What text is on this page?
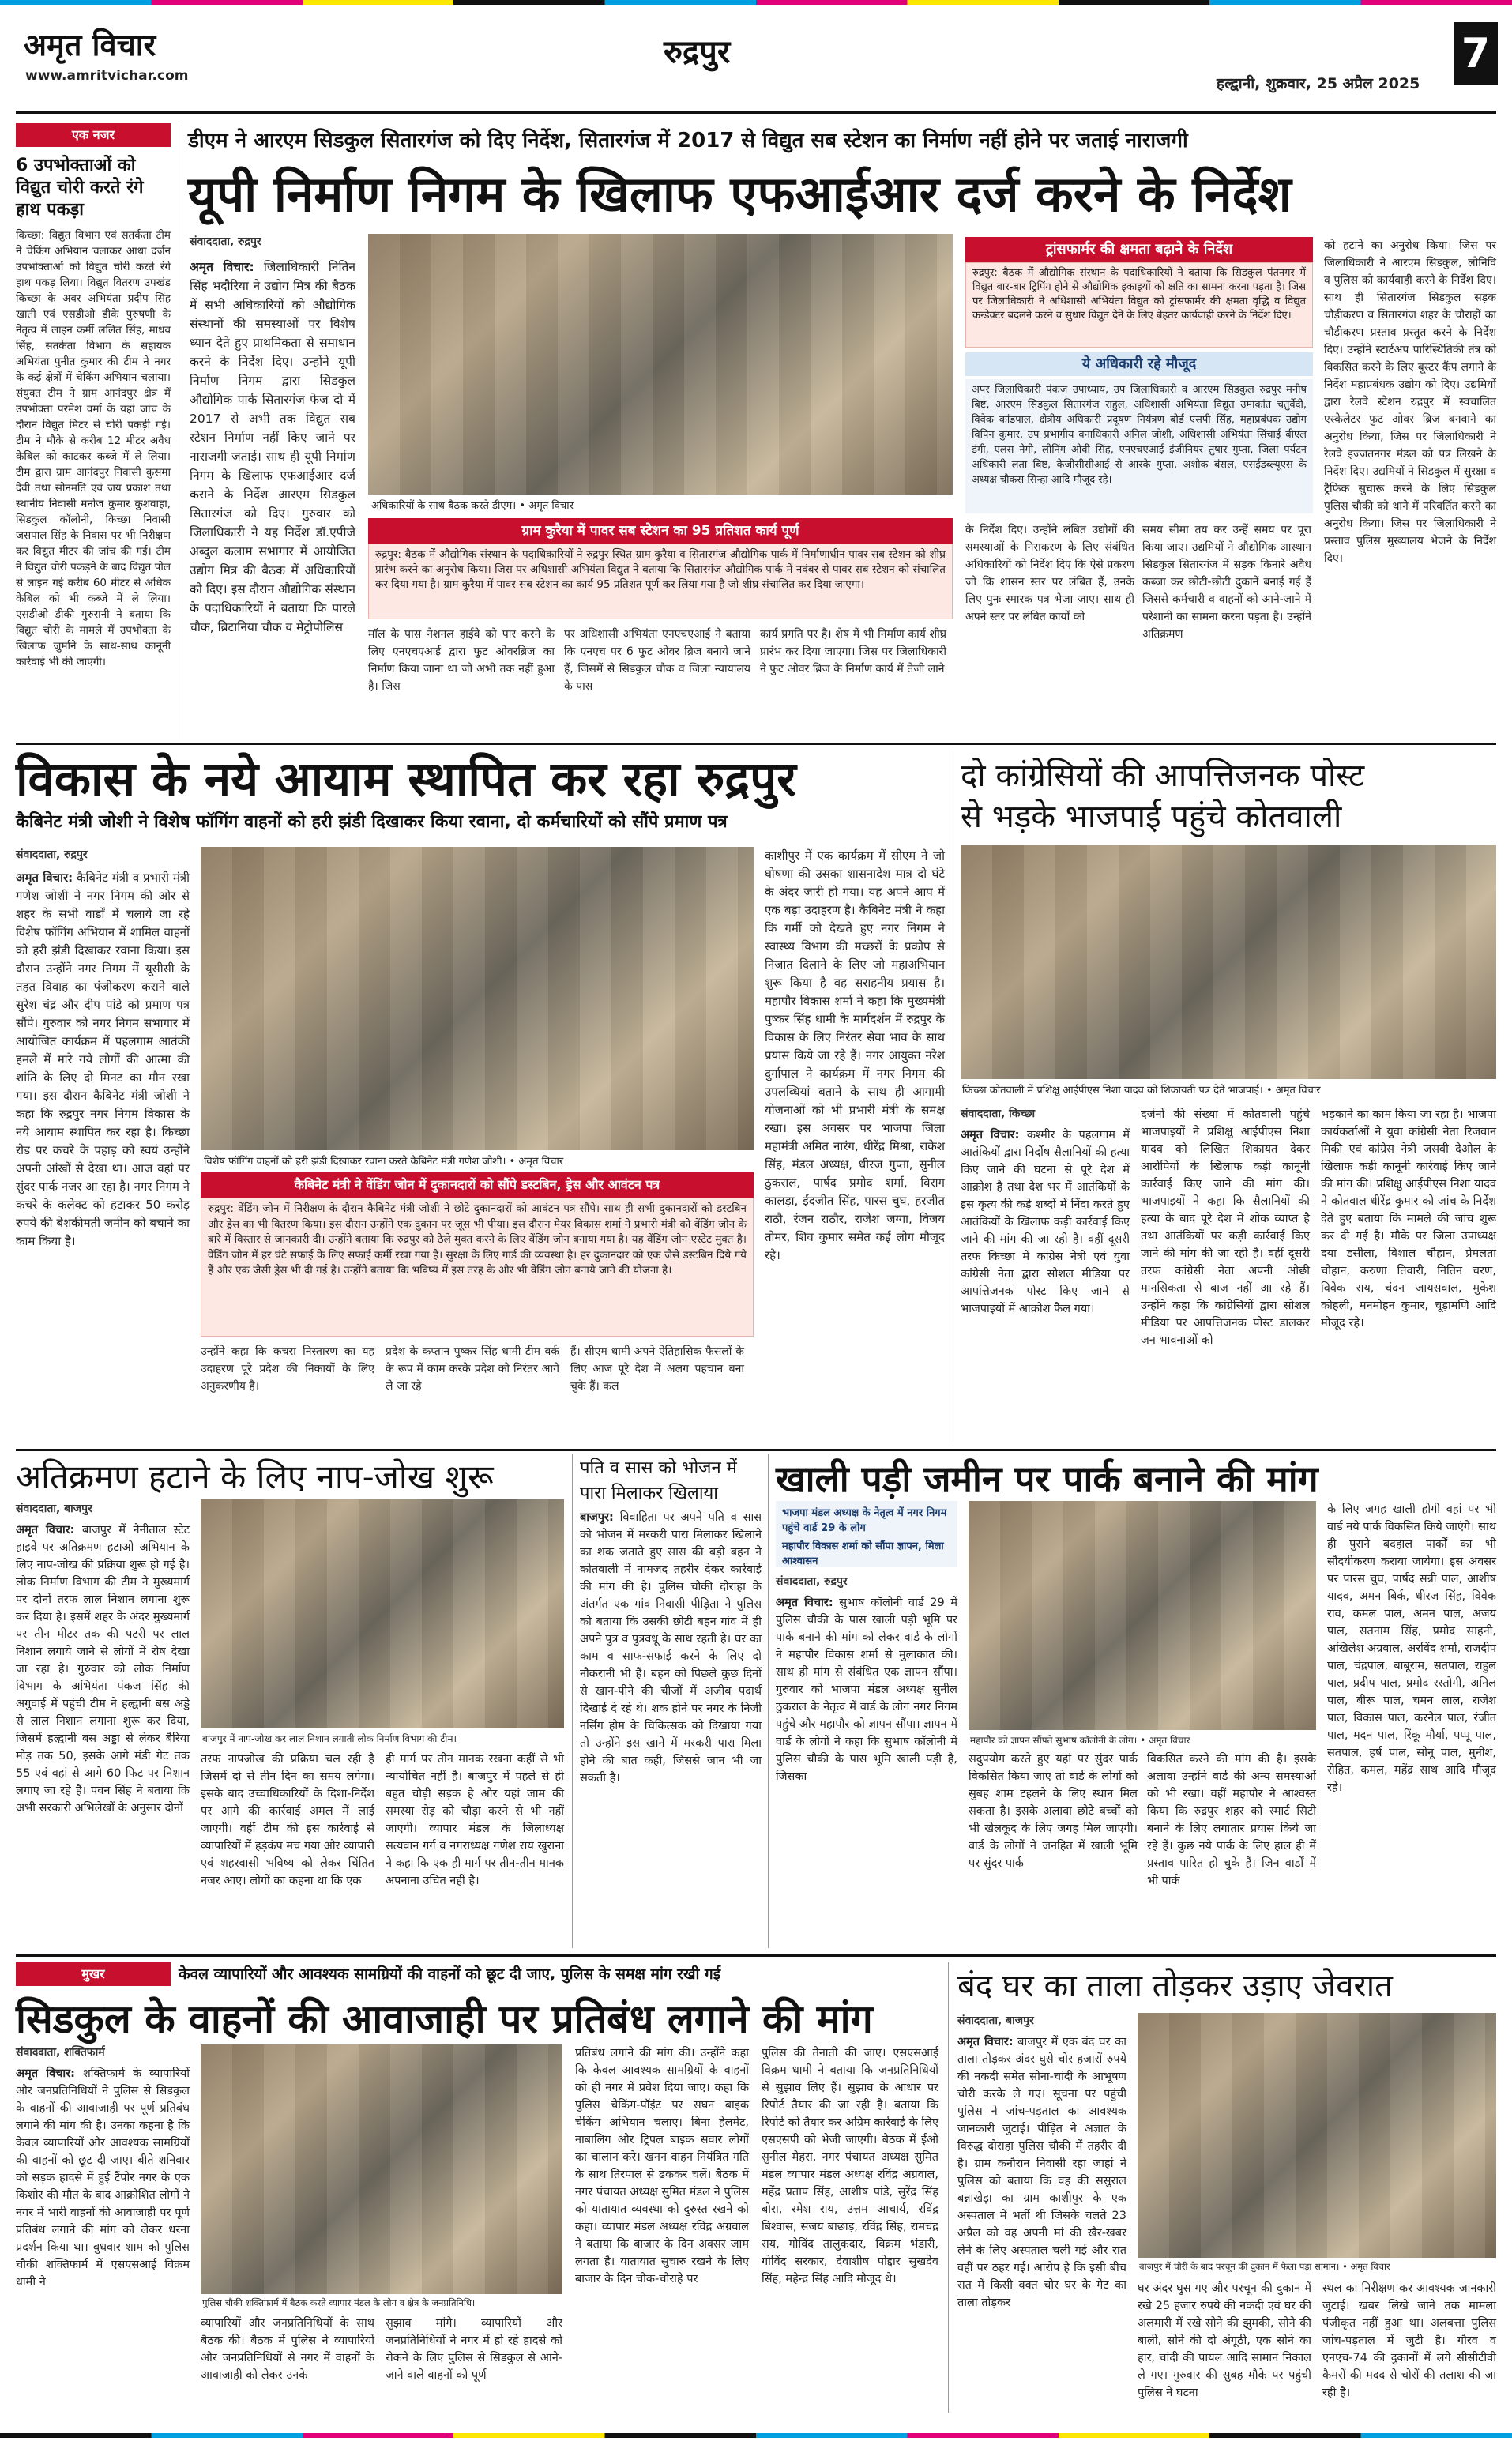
अमृत विचार
www.amritvichar.com
रुद्रपुर
हल्द्वानी, शुक्रवार, 25 अप्रैल 2025
7
एक नजर
6 उपभोक्ताओं को विद्युत चोरी करते रंगे हाथ पकड़ा
किच्छा: विद्युत विभाग एवं सतर्कता टीम ने चेकिंग अभियान चलाकर आधा दर्जन उपभोक्ताओं को विद्युत चोरी करते रंगे हाथ पकड़ लिया। विद्युत वितरण उपखंड किच्छा के अवर अभियंता प्रदीप सिंह खाती एवं एसडीओ डीके पुरुषणी के नेतृत्व में लाइन कर्मी ललित सिंह, माधव सिंह, सतर्कता विभाग के सहायक अभियंता पुनीत कुमार की टीम ने नगर के कई क्षेत्रों में चेकिंग अभियान चलाया। संयुक्त टीम ने ग्राम आनंदपुर क्षेत्र में उपभोक्ता परमेश वर्मा के यहां जांच के दौरान विद्युत मिटर से चोरी पकड़ी गई। टीम ने मौके से करीब 12 मीटर अवैध केबिल को काटकर कब्जे में ले लिया। टीम द्वारा ग्राम आनंदपुर निवासी कुसमा देवी तथा सोनमति एवं जय प्रकाश तथा स्थानीय निवासी मनोज कुमार कुशवाहा, सिडकुल कॉलोनी, किच्छा निवासी जसपाल सिंह के निवास पर भी निरीक्षण कर विद्युत मीटर की जांच की गई। टीम ने विद्युत चोरी पकड़ने के बाद विद्युत पोल से लाइन गई करीब 60 मीटर से अधिक केबिल को भी कब्जे में ले लिया। एसडीओ डीकी गुरुरानी ने बताया कि विद्युत चोरी के मामले में उपभोक्ता के खिलाफ जुर्माने के साथ-साथ कानूनी कार्रवाई भी की जाएगी।
डीएम ने आरएम सिडकुल सितारगंज को दिए निर्देश, सितारगंज में 2017 से विद्युत सब स्टेशन का निर्माण नहीं होने पर जताई नाराजगी
यूपी निर्माण निगम के खिलाफ एफआईआर दर्ज करने के निर्देश
संवाददाता, रुद्रपुर
अमृत विचार: जिलाधिकारी नितिन सिंह भदौरिया ने उद्योग मित्र की बैठक में सभी अधिकारियों को औद्योगिक संस्थानों की समस्याओं पर विशेष ध्यान देते हुए प्राथमिकता से समाधान करने के निर्देश दिए। उन्होंने यूपी निर्माण निगम द्वारा सिडकुल औद्योगिक पार्क सितारगंज फेज दो में 2017 से अभी तक विद्युत सब स्टेशन निर्माण नहीं किए जाने पर नाराजगी जताई। साथ ही यूपी निर्माण निगम के खिलाफ एफआईआर दर्ज कराने के निर्देश आरएम सिडकुल सितारगंज को दिए। गुरुवार को जिलाधिकारी ने यह निर्देश डॉ.एपीजे अब्दुल कलाम सभागार में आयोजित उद्योग मित्र की बैठक में अधिकारियों को दिए। इस दौरान औद्योगिक संस्थान के पदाधिकारियों ने बताया कि पारले चौक, ब्रिटानिया चौक व मेट्रोपोलिस
अधिकारियों के साथ बैठक करते डीएम। • अमृत विचार
ग्राम कुरैया में पावर सब स्टेशन का 95 प्रतिशत कार्य पूर्ण
रुद्रपुर: बैठक में औद्योगिक संस्थान के पदाधिकारियों ने रुद्रपुर स्थित ग्राम कुरैया व सितारगंज औद्योगिक पार्क में निर्माणाधीन पावर सब स्टेशन को शीघ्र प्रारंभ करने का अनुरोध किया। जिस पर अधिशासी अभियंता विद्युत ने बताया कि सितारगंज औद्योगिक पार्क में नवंबर से पावर सब स्टेशन को संचालित कर दिया गया है। ग्राम कुरैया में पावर सब स्टेशन का कार्य 95 प्रतिशत पूर्ण कर लिया गया है जो शीघ्र संचालित कर दिया जाएगा।
मॉल के पास नेशनल हाईवे को पार करने के लिए एनएचएआई द्वारा फुट ओवरब्रिज का निर्माण किया जाना था जो अभी तक नहीं हुआ है। जिस
पर अधिशासी अभियंता एनएचएआई ने बताया कि एनएच पर 6 फुट ओवर ब्रिज बनाये जाने हैं, जिसमें से सिडकुल चौक व जिला न्यायालय के पास
कार्य प्रगति पर है। शेष में भी निर्माण कार्य शीघ्र प्रारंभ कर दिया जाएगा। जिस पर जिलाधिकारी ने फुट ओवर ब्रिज के निर्माण कार्य में तेजी लाने
ट्रांसफार्मर की क्षमता बढ़ाने के निर्देश
रुद्रपुर: बैठक में औद्योगिक संस्थान के पदाधिकारियों ने बताया कि सिडकुल पंतनगर में विद्युत बार-बार ट्रिपिंग होने से औद्योगिक इकाइयों को क्षति का सामना करना पड़ता है। जिस पर जिलाधिकारी ने अधिशासी अभियंता विद्युत को ट्रांसफार्मर की क्षमता वृद्धि व विद्युत कन्डेक्टर बदलने करने व सुधार विद्युत देने के लिए बेहतर कार्यवाही करने के निर्देश दिए।
ये अधिकारी रहे मौजूद
अपर जिलाधिकारी पंकज उपाध्याय, उप जिलाधिकारी व आरएम सिडकुल रुद्रपुर मनीष बिष्ट, आरएम सिडकुल सितारगंज राहुल, अधिशासी अभियंता विद्युत उमाकांत चतुर्वेदी, विवेक कांडपाल, क्षेत्रीय अधिकारी प्रदूषण नियंत्रण बोर्ड एसपी सिंह, महाप्रबंधक उद्योग विपिन कुमार, उप प्रभागीय वनाधिकारी अनिल जोशी, अधिशासी अभियंता सिंचाई बीएल डंगी, एलस नेगी, लीनिंग ओवी सिंह, एनएचएआई इंजीनियर तुषार गुप्ता, जिला पर्यटन अधिकारी लता बिष्ट, केजीसीसीआई से आरके गुप्ता, अशोक बंसल, एसईडब्ल्यूएस के अध्यक्ष चौकस सिन्हा आदि मौजूद रहे।
के निर्देश दिए। उन्होंने लंबित उद्योगों की समस्याओं के निराकरण के लिए संबंधित अधिकारियों को निर्देश दिए कि ऐसे प्रकरण जो कि शासन स्तर पर लंबित हैं, उनके लिए पुनः स्मारक पत्र भेजा जाए। साथ ही अपने स्तर पर लंबित कार्यों को
समय सीमा तय कर उन्हें समय पर पूरा किया जाए। उद्यमियों ने औद्योगिक आस्थान सिडकुल सितारगंज में सड़क किनारे अवैध कब्जा कर छोटी-छोटी दुकानें बनाई गई हैं जिससे कर्मचारी व वाहनों को आने-जाने में परेशानी का सामना करना पड़ता है। उन्होंने अतिक्रमण
को हटाने का अनुरोध किया। जिस पर जिलाधिकारी ने आरएम सिडकुल, लोनिवि व पुलिस को कार्यवाही करने के निर्देश दिए। साथ ही सितारगंज सिडकुल सड़क चौड़ीकरण व सितारगंज शहर के चौराहों का चौड़ीकरण प्रस्ताव प्रस्तुत करने के निर्देश दिए। उन्होंने स्टार्टअप पारिस्थितिकी तंत्र को विकसित करने के लिए बूस्टर कैंप लगाने के निर्देश महाप्रबंधक उद्योग को दिए। उद्यमियों द्वारा रेलवे स्टेशन रुद्रपुर में स्वचालित एस्केलेटर फुट ओवर ब्रिज बनवाने का अनुरोध किया, जिस पर जिलाधिकारी ने रेलवे इज्जतनगर मंडल को पत्र लिखने के निर्देश दिए। उद्यमियों ने सिडकुल में सुरक्षा व ट्रैफिक सुचारू करने के लिए सिडकुल पुलिस चौकी को थाने में परिवर्तित करने का अनुरोध किया। जिस पर जिलाधिकारी ने प्रस्ताव पुलिस मुख्यालय भेजने के निर्देश दिए।
विकास के नये आयाम स्थापित कर रहा रुद्रपुर
कैबिनेट मंत्री जोशी ने विशेष फॉगिंग वाहनों को हरी झंडी दिखाकर किया रवाना, दो कर्मचारियों को सौंपे प्रमाण पत्र
संवाददाता, रुद्रपुर
अमृत विचार: कैबिनेट मंत्री व प्रभारी मंत्री गणेश जोशी ने नगर निगम की ओर से शहर के सभी वार्डों में चलाये जा रहे विशेष फॉगिंग अभियान में शामिल वाहनों को हरी झंडी दिखाकर रवाना किया। इस दौरान उन्होंने नगर निगम में यूसीसी के तहत विवाह का पंजीकरण कराने वाले सुरेश चंद्र और दीप पांडे को प्रमाण पत्र सौंपे। गुरुवार को नगर निगम सभागार में आयोजित कार्यक्रम में पहलगाम आतंकी हमले में मारे गये लोगों की आत्मा की शांति के लिए दो मिनट का मौन रखा गया। इस दौरान कैबिनेट मंत्री जोशी ने कहा कि रुद्रपुर नगर निगम विकास के नये आयाम स्थापित कर रहा है। किच्छा रोड पर कचरे के पहाड़ को स्वयं उन्होंने अपनी आंखों से देखा था। आज वहां पर सुंदर पार्क नजर आ रहा है। नगर निगम ने कचरे के कलेक्ट को हटाकर 50 करोड़ रुपये की बेशकीमती जमीन को बचाने का काम किया है।
विशेष फॉगिंग वाहनों को हरी झंडी दिखाकर रवाना करते कैबिनेट मंत्री गणेश जोशी। • अमृत विचार
कैबिनेट मंत्री ने वेंडिंग जोन में दुकानदारों को सौंपे डस्टबिन, ड्रेस और आवंटन पत्र
रुद्रपुर: वेंडिंग जोन में निरीक्षण के दौरान कैबिनेट मंत्री जोशी ने छोटे दुकानदारों को आवंटन पत्र सौंपे। साथ ही सभी दुकानदारों को डस्टबिन और ड्रेस का भी वितरण किया। इस दौरान उन्होंने एक दुकान पर जूस भी पीया। इस दौरान मेयर विकास शर्मा ने प्रभारी मंत्री को वेंडिंग जोन के बारे में विस्तार से जानकारी दी। उन्होंने बताया कि रुद्रपुर को ठेले मुक्त करने के लिए वेंडिंग जोन बनाया गया है। यह वेंडिंग जोन एस्टेट मुक्त है। वेंडिंग जोन में हर घंटे सफाई के लिए सफाई कर्मी रखा गया है। सुरक्षा के लिए गार्ड की व्यवस्था है। हर दुकानदार को एक जैसे डस्टबिन दिये गये हैं और एक जैसी ड्रेस भी दी गई है। उन्होंने बताया कि भविष्य में इस तरह के और भी वेंडिंग जोन बनाये जाने की योजना है।
उन्होंने कहा कि कचरा निस्तारण का यह उदाहरण पूरे प्रदेश की निकायों के लिए अनुकरणीय है।
प्रदेश के कप्तान पुष्कर सिंह धामी टीम वर्क के रूप में काम करके प्रदेश को निरंतर आगे ले जा रहे
हैं। सीएम धामी अपने ऐतिहासिक फैसलों के लिए आज पूरे देश में अलग पहचान बना चुके हैं। कल
काशीपुर में एक कार्यक्रम में सीएम ने जो घोषणा की उसका शासनादेश मात्र दो घंटे के अंदर जारी हो गया। यह अपने आप में एक बड़ा उदाहरण है। कैबिनेट मंत्री ने कहा कि गर्मी को देखते हुए नगर निगम ने स्वास्थ्य विभाग की मच्छरों के प्रकोप से निजात दिलाने के लिए जो महाअभियान शुरू किया है वह सराहनीय प्रयास है। महापौर विकास शर्मा ने कहा कि मुख्यमंत्री पुष्कर सिंह धामी के मार्गदर्शन में रुद्रपुर के विकास के लिए निरंतर सेवा भाव के साथ प्रयास किये जा रहे हैं। नगर आयुक्त नरेश दुर्गापाल ने कार्यक्रम में नगर निगम की उपलब्धियां बताने के साथ ही आगामी योजनाओं को भी प्रभारी मंत्री के समक्ष रखा। इस अवसर पर भाजपा जिला महामंत्री अमित नारंग, धीरेंद्र मिश्रा, राकेश सिंह, मंडल अध्यक्ष, धीरज गुप्ता, सुनील ठुकराल, पार्षद प्रमोद शर्मा, विराग कालड़ा, ईंदजीत सिंह, पारस चुघ, हरजीत राठौ, रंजन राठौर, राजेश जग्गा, विजय तोमर, शिव कुमार समेत कई लोग मौजूद रहे।
दो कांग्रेसियों की आपत्तिजनक पोस्ट
से भड़के भाजपाई पहुंचे कोतवाली
किच्छा कोतवाली में प्रशिक्षु आईपीएस निशा यादव को शिकायती पत्र देते भाजपाई। • अमृत विचार
संवाददाता, किच्छा
अमृत विचार: कश्मीर के पहलगाम में आतंकियों द्वारा निर्दोष सैलानियों की हत्या किए जाने की घटना से पूरे देश में आक्रोश है तथा देश भर में आतंकियों के इस कृत्य की कड़े शब्दों में निंदा करते हुए आतंकियों के खिलाफ कड़ी कार्रवाई किए जाने की मांग की जा रही है। वहीं दूसरी तरफ किच्छा में कांग्रेस नेत्री एवं युवा कांग्रेसी नेता द्वारा सोशल मीडिया पर आपत्तिजनक पोस्ट किए जाने से भाजपाइयों में आक्रोश फैल गया।
दर्जनों की संख्या में कोतवाली पहुंचे भाजपाइयों ने प्रशिक्षु आईपीएस निशा यादव को लिखित शिकायत देकर आरोपियों के खिलाफ कड़ी कानूनी कार्रवाई किए जाने की मांग की। भाजपाइयों ने कहा कि सैलानियों की हत्या के बाद पूरे देश में शोक व्याप्त है तथा आतंकियों पर कड़ी कार्रवाई किए जाने की मांग की जा रही है। वहीं दूसरी तरफ कांग्रेसी नेता अपनी ओछी मानसिकता से बाज नहीं आ रहे हैं। उन्होंने कहा कि कांग्रेसियों द्वारा सोशल मीडिया पर आपत्तिजनक पोस्ट डालकर जन भावनाओं को
भड़काने का काम किया जा रहा है। भाजपा कार्यकर्ताओं ने युवा कांग्रेसी नेता रिजवान मिकी एवं कांग्रेस नेत्री जसवी देओल के खिलाफ कड़ी कानूनी कार्रवाई किए जाने की मांग की। प्रशिक्षु आईपीएस निशा यादव ने कोतवाल धीरेंद्र कुमार को जांच के निर्देश देते हुए बताया कि मामले की जांच शुरू कर दी गई है। मौके पर जिला उपाध्यक्ष दया डसीला, विशाल चौहान, प्रेमलता चौहान, करुणा तिवारी, नितिन चरण, विवेक राय, चंदन जायसवाल, मुकेश कोहली, मनमोहन कुमार, चूड़ामणि आदि मौजूद रहे।
अतिक्रमण हटाने के लिए नाप-जोख शुरू
संवाददाता, बाजपुर
अमृत विचार: बाजपुर में नैनीताल स्टेट हाइवे पर अतिक्रमण हटाओ अभियान के लिए नाप-जोख की प्रक्रिया शुरू हो गई है। लोक निर्माण विभाग की टीम ने मुख्यमार्ग पर दोनों तरफ लाल निशान लगाना शुरू कर दिया है। इसमें शहर के अंदर मुख्यमार्ग पर तीन मीटर तक की पटरी पर लाल निशान लगाये जाने से लोगों में रोष देखा जा रहा है। गुरुवार को लोक निर्माण विभाग के अभियंता पंकज सिंह की अगुवाई में पहुंची टीम ने हल्द्वानी बस अड्डे से लाल निशान लगाना शुरू कर दिया, जिसमें हल्द्वानी बस अड्डा से लेकर बैरिया मोड़ तक 50, इसके आगे मंडी गेट तक 55 एवं वहां से आगे 60 फिट पर निशान लगाए जा रहे हैं। पवन सिंह ने बताया कि अभी सरकारी अभिलेखों के अनुसार दोनों
बाजपुर में नाप-जोख कर लाल निशान लगाती लोक निर्माण विभाग की टीम।
तरफ नापजोख की प्रक्रिया चल रही है जिसमें दो से तीन दिन का समय लगेगा। इसके बाद उच्चाधिकारियों के दिशा-निर्देश पर आगे की कार्रवाई अमल में लाई जाएगी। वहीं टीम की इस कार्रवाई से व्यापारियों में हड़कंप मच गया और व्यापारी एवं शहरवासी भविष्य को लेकर चिंतित नजर आए। लोगों का कहना था कि एक
ही मार्ग पर तीन मानक रखना कहीं से भी न्यायोचित नहीं है। बाजपुर में पहले से ही बहुत चौड़ी सड़क है और यहां जाम की समस्या रोड़ को चौड़ा करने से भी नहीं जाएगी। व्यापार मंडल के जिलाध्यक्ष सत्यवान गर्ग व नगराध्यक्ष गणेश राय खुराना ने कहा कि एक ही मार्ग पर तीन-तीन मानक अपनाना उचित नहीं है।
पति व सास को भोजन में
पारा मिलाकर खिलाया
बाजपुर: विवाहिता पर अपने पति व सास को भोजन में मरकरी पारा मिलाकर खिलाने का शक जताते हुए सास की बड़ी बहन ने कोतवाली में नामजद तहरीर देकर कार्रवाई की मांग की है। पुलिस चौकी दोराहा के अंतर्गत एक गांव निवासी पीड़िता ने पुलिस को बताया कि उसकी छोटी बहन गांव में ही अपने पुत्र व पुत्रवधू के साथ रहती है। घर का काम व साफ-सफाई करने के लिए दो नौकरानी भी हैं। बहन को पिछले कुछ दिनों से खान-पीने की चीजों में अजीब पदार्थ दिखाई दे रहे थे। शक होने पर नगर के निजी नर्सिंग होम के चिकित्सक को दिखाया गया तो उन्होंने इस खाने में मरकरी पारा मिला होने की बात कही, जिससे जान भी जा सकती है।
खाली पड़ी जमीन पर पार्क बनाने की मांग
भाजपा मंडल अध्यक्ष के नेतृत्व में नगर निगम पहुंचे वार्ड 29 के लोग
महापौर विकास शर्मा को सौंपा ज्ञापन, मिला आश्वासन
संवाददाता, रुद्रपुर
अमृत विचार: सुभाष कॉलोनी वार्ड 29 में पुलिस चौकी के पास खाली पड़ी भूमि पर पार्क बनाने की मांग को लेकर वार्ड के लोगों ने महापौर विकास शर्मा से मुलाकात की। साथ ही मांग से संबंधित एक ज्ञापन सौंपा। गुरुवार को भाजपा मंडल अध्यक्ष सुनील ठुकराल के नेतृत्व में वार्ड के लोग नगर निगम पहुंचे और महापौर को ज्ञापन सौंपा। ज्ञापन में वार्ड के लोगों ने कहा कि सुभाष कॉलोनी में पुलिस चौकी के पास भूमि खाली पड़ी है, जिसका
महापौर को ज्ञापन सौंपते सुभाष कॉलोनी के लोग। • अमृत विचार
सदुपयोग करते हुए यहां पर सुंदर पार्क विकसित किया जाए तो वार्ड के लोगों को सुबह शाम टहलने के लिए स्थान मिल सकता है। इसके अलावा छोटे बच्चों को भी खेलकूद के लिए जगह मिल जाएगी। वार्ड के लोगों ने जनहित में खाली भूमि पर सुंदर पार्क
विकसित करने की मांग की है। इसके अलावा उन्होंने वार्ड की अन्य समस्याओं को भी रखा। वहीं महापौर ने आश्वस्त किया कि रुद्रपुर शहर को स्मार्ट सिटी बनाने के लिए लगातार प्रयास किये जा रहे हैं। कुछ नये पार्क के लिए हाल ही में प्रस्ताव पारित हो चुके हैं। जिन वार्डों में भी पार्क
के लिए जगह खाली होगी वहां पर भी वार्ड नये पार्क विकसित किये जाएंगे। साथ ही पुराने बदहाल पार्कों का भी सौंदर्यीकरण कराया जायेगा। इस अवसर पर पारस चुघ, पार्षद सन्नी पाल, आशीष यादव, अमन बिर्क, धीरज सिंह, विवेक राव, कमल पाल, अमन पाल, अजय पाल, सतनाम सिंह, प्रमोद साहनी, अखिलेश अग्रवाल, अरविंद शर्मा, राजदीप पाल, चंद्रपाल, बाबूराम, सतपाल, राहुल पाल, प्रदीप पाल, प्रमोद रस्तोगी, अनिल पाल, बीरू पाल, चमन लाल, राजेश पाल, विकास पाल, करनैल पाल, रंजीत पाल, मदन पाल, रिंकू मौर्या, पप्पू पाल, सतपाल, हर्ष पाल, सोनू पाल, मुनीश, रोहित, कमल, महेंद्र साथ आदि मौजूद रहे।
मुखर	केवल व्यापारियों और आवश्यक सामग्रियों की वाहनों को छूट दी जाए, पुलिस के समक्ष मांग रखी गई
सिडकुल के वाहनों की आवाजाही पर प्रतिबंध लगाने की मांग
संवाददाता, शक्तिफार्म
अमृत विचार: शक्तिफार्म के व्यापारियों और जनप्रतिनिधियों ने पुलिस से सिडकुल के वाहनों की आवाजाही पर पूर्ण प्रतिबंध लगाने की मांग की है। उनका कहना है कि केवल व्यापारियों और आवश्यक सामग्रियों की वाहनों को छूट दी जाए। बीते शनिवार को सड़क हादसे में हुई टैंपोर नगर के एक किशोर की मौत के बाद आक्रोशित लोगों ने नगर में भारी वाहनों की आवाजाही पर पूर्ण प्रतिबंध लगाने की मांग को लेकर धरना प्रदर्शन किया था। बुधवार शाम को पुलिस चौकी शक्तिफार्म में एसएसआई विक्रम धामी ने
पुलिस चौकी शक्तिफार्म में बैठक करते व्यापार मंडल के लोग व क्षेत्र के जनप्रतिनिधि।
व्यापारियों और जनप्रतिनिधियों के साथ बैठक की। बैठक में पुलिस ने व्यापारियों और जनप्रतिनिधियों से नगर में वाहनों के आवाजाही को लेकर उनके
सुझाव मांगे। व्यापारियों और जनप्रतिनिधियों ने नगर में हो रहे हादसे को रोकने के लिए पुलिस से सिडकुल से आने-जाने वाले वाहनों को पूर्ण
प्रतिबंध लगाने की मांग की। उन्होंने कहा कि केवल आवश्यक सामग्रियों के वाहनों को ही नगर में प्रवेश दिया जाए। कहा कि पुलिस चेकिंग-पॉइंट पर सघन बाइक चेकिंग अभियान चलाए। बिना हेलमेट, नाबालिग और ट्रिपल बाइक सवार लोगों का चालान करे। खनन वाहन नियंत्रित गति के साथ तिरपाल से ढककर चलें। बैठक में नगर पंचायत अध्यक्ष सुमित मंडल ने पुलिस को यातायात व्यवस्था को दुरुस्त रखने को कहा। व्यापार मंडल अध्यक्ष रविंद्र अग्रवाल ने बताया कि बाजार के दिन अक्सर जाम लगता है। यातायात सुचारु रखने के लिए बाजार के दिन चौक-चौराहे पर
पुलिस की तैनाती की जाए। एसएसआई विक्रम धामी ने बताया कि जनप्रतिनिधियों से सुझाव लिए हैं। सुझाव के आधार पर रिपोर्ट तैयार की जा रही है। बताया कि रिपोर्ट को तैयार कर अग्रिम कार्रवाई के लिए एसएसपी को भेजी जाएगी। बैठक में ईओ सुनील मेहरा, नगर पंचायत अध्यक्ष सुमित मंडल व्यापार मंडल अध्यक्ष रविंद्र अग्रवाल, महेंद्र प्रताप सिंह, आशीष पांडे, सुरेंद्र सिंह बोरा, रमेश राय, उत्तम आचार्य, रविंद्र बिश्वास, संजय बाछाड़, रविंद्र सिंह, रामचंद्र राय, गोविंद तालुकदार, विक्रम भंडारी, गोविंद सरकार, देवाशीष पोद्दार सुखदेव सिंह, महेन्द्र सिंह आदि मौजूद थे।
बंद घर का ताला तोड़कर उड़ाए जेवरात
संवाददाता, बाजपुर
अमृत विचार: बाजपुर में एक बंद घर का ताला तोड़कर अंदर घुसे चोर हजारों रुपये की नकदी समेत सोना-चांदी के आभूषण चोरी करके ले गए। सूचना पर पहुंची पुलिस ने जांच-पड़ताल का आवश्यक जानकारी जुटाई। पीड़ित ने अज्ञात के विरुद्ध दोराहा पुलिस चौकी में तहरीर दी है। ग्राम कनौरान निवासी रहा जाहां ने पुलिस को बताया कि वह की ससुराल बन्नाखेड़ा का ग्राम काशीपुर के एक अस्पताल में भर्ती थी जिसके चलते 23 अप्रैल को वह अपनी मां की खैर-खबर लेने के लिए अस्पताल चली गई और रात वहीं पर ठहर गई। आरोप है कि इसी बीच रात में किसी वक्त चोर घर के गेट का ताला तोड़कर
बाजपुर में चोरी के बाद परचून की दुकान में फैला पड़ा सामान। • अमृत विचार
घर अंदर घुस गए और परचून की दुकान में रखे 25 हजार रुपये की नकदी एवं घर की अलमारी में रखे सोने की झुमकी, सोने की बाली, सोने की दो अंगूठी, एक सोने का हार, चांदी की पायल आदि सामान निकाल ले गए। गुरुवार की सुबह मौके पर पहुंची पुलिस ने घटना
स्थल का निरीक्षण कर आवश्यक जानकारी जुटाई। खबर लिखे जाने तक मामला पंजीकृत नहीं हुआ था। अलबत्ता पुलिस जांच-पड़ताल में जुटी है। गौरव व एनएच-74 की दुकानों में लगे सीसीटीवी कैमरों की मदद से चोरों की तलाश की जा रही है।
